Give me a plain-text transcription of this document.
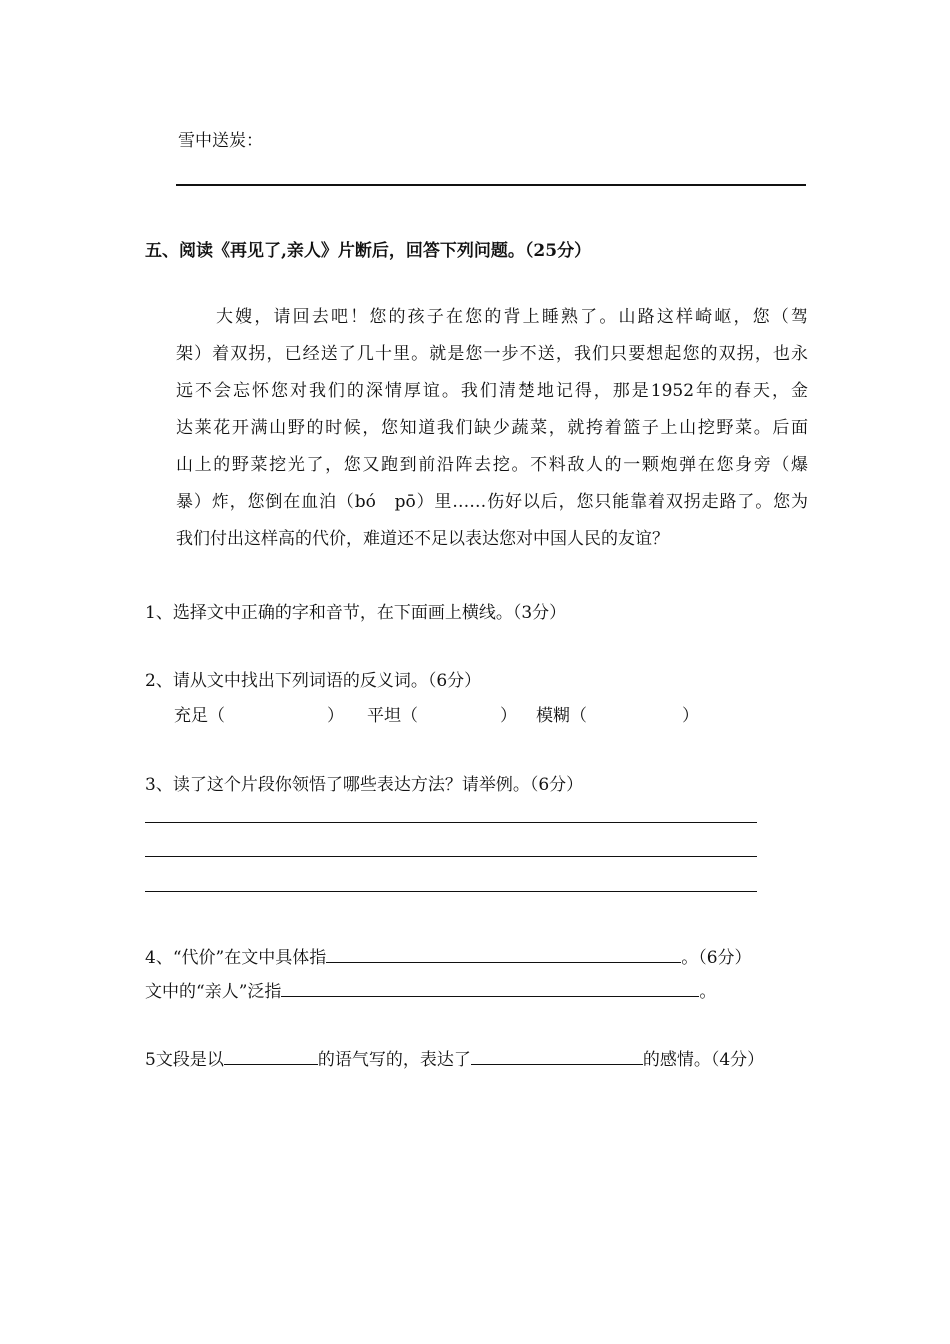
雪中送炭：
五、阅读《再见了,亲人》片断后，回答下列问题。（25分）
大嫂，请回去吧！您的孩子在您的背上睡熟了。山路这样崎岖，您（驾
架）着双拐，已经送了几十里。就是您一步不送，我们只要想起您的双拐，也永
远不会忘怀您对我们的深情厚谊。我们清楚地记得，那是1952年的春天，金
达莱花开满山野的时候，您知道我们缺少蔬菜，就挎着篮子上山挖野菜。后面
山上的野菜挖光了，您又跑到前沿阵去挖。不料敌人的一颗炮弹在您身旁（爆
暴）炸，您倒在血泊（bó　pō）里……伤好以后，您只能靠着双拐走路了。您为
我们付出这样高的代价，难道还不足以表达您对中国人民的友谊？
1、选择文中正确的字和音节，在下面画上横线。（3分）
2、请从文中找出下列词语的反义词。（6分）
充足（	） 平坦（	） 模糊（	）
3、读了这个片段你领悟了哪些表达方法？请举例。（6分）
4、“代价”在文中具体指	。（6分）
文中的“亲人”泛指	。
5文段是以	的语气写的，表达了	的感情。（4分）
